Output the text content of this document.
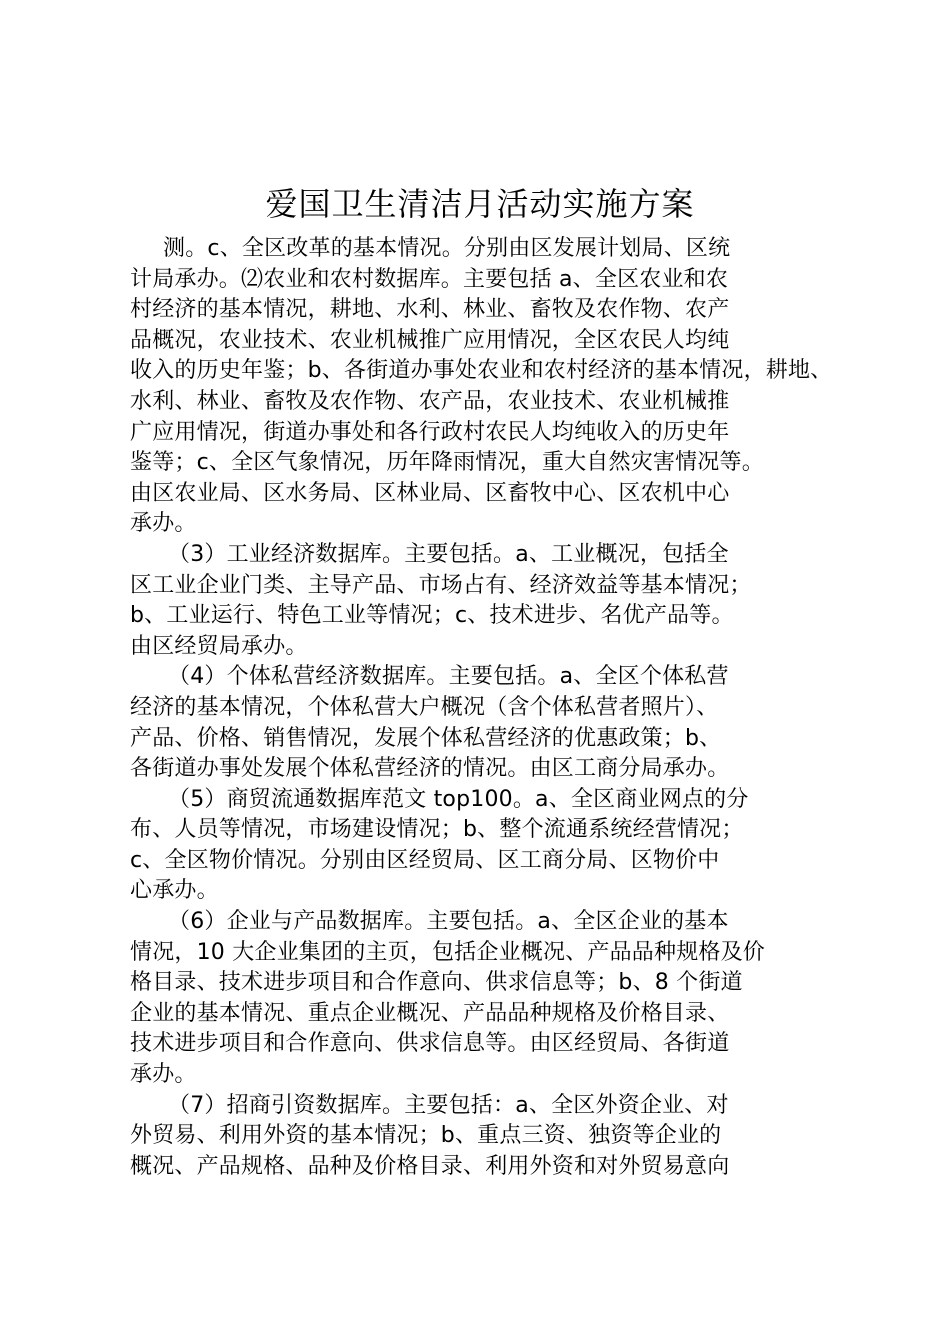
爱国卫生清洁月活动实施方案
测。c、全区改革的基本情况。分别由区发展计划局、区统
计局承办。⑵农业和农村数据库。主要包括 a、全区农业和农
村经济的基本情况，耕地、水利、林业、畜牧及农作物、农产
品概况，农业技术、农业机械推广应用情况，全区农民人均纯
收入的历史年鉴；b、各街道办事处农业和农村经济的基本情况，耕地、
水利、林业、畜牧及农作物、农产品，农业技术、农业机械推
广应用情况，街道办事处和各行政村农民人均纯收入的历史年
鉴等；c、全区气象情况，历年降雨情况，重大自然灾害情况等。
由区农业局、区水务局、区林业局、区畜牧中心、区农机中心
承办。
（3）工业经济数据库。主要包括。a、工业概况，包括全
区工业企业门类、主导产品、市场占有、经济效益等基本情况；
b、工业运行、特色工业等情况；c、技术进步、名优产品等。
由区经贸局承办。
（4）个体私营经济数据库。主要包括。a、全区个体私营
经济的基本情况，个体私营大户概况（含个体私营者照片）、
产品、价格、销售情况，发展个体私营经济的优惠政策；b、
各街道办事处发展个体私营经济的情况。由区工商分局承办。
（5）商贸流通数据库范文 top100。a、全区商业网点的分
布、人员等情况，市场建设情况；b、整个流通系统经营情况；
c、全区物价情况。分别由区经贸局、区工商分局、区物价中
心承办。
（6）企业与产品数据库。主要包括。a、全区企业的基本
情况，10 大企业集团的主页，包括企业概况、产品品种规格及价
格目录、技术进步项目和合作意向、供求信息等；b、8 个街道
企业的基本情况、重点企业概况、产品品种规格及价格目录、
技术进步项目和合作意向、供求信息等。由区经贸局、各街道
承办。
（7）招商引资数据库。主要包括：a、全区外资企业、对
外贸易、利用外资的基本情况；b、重点三资、独资等企业的
概况、产品规格、品种及价格目录、利用外资和对外贸易意向
